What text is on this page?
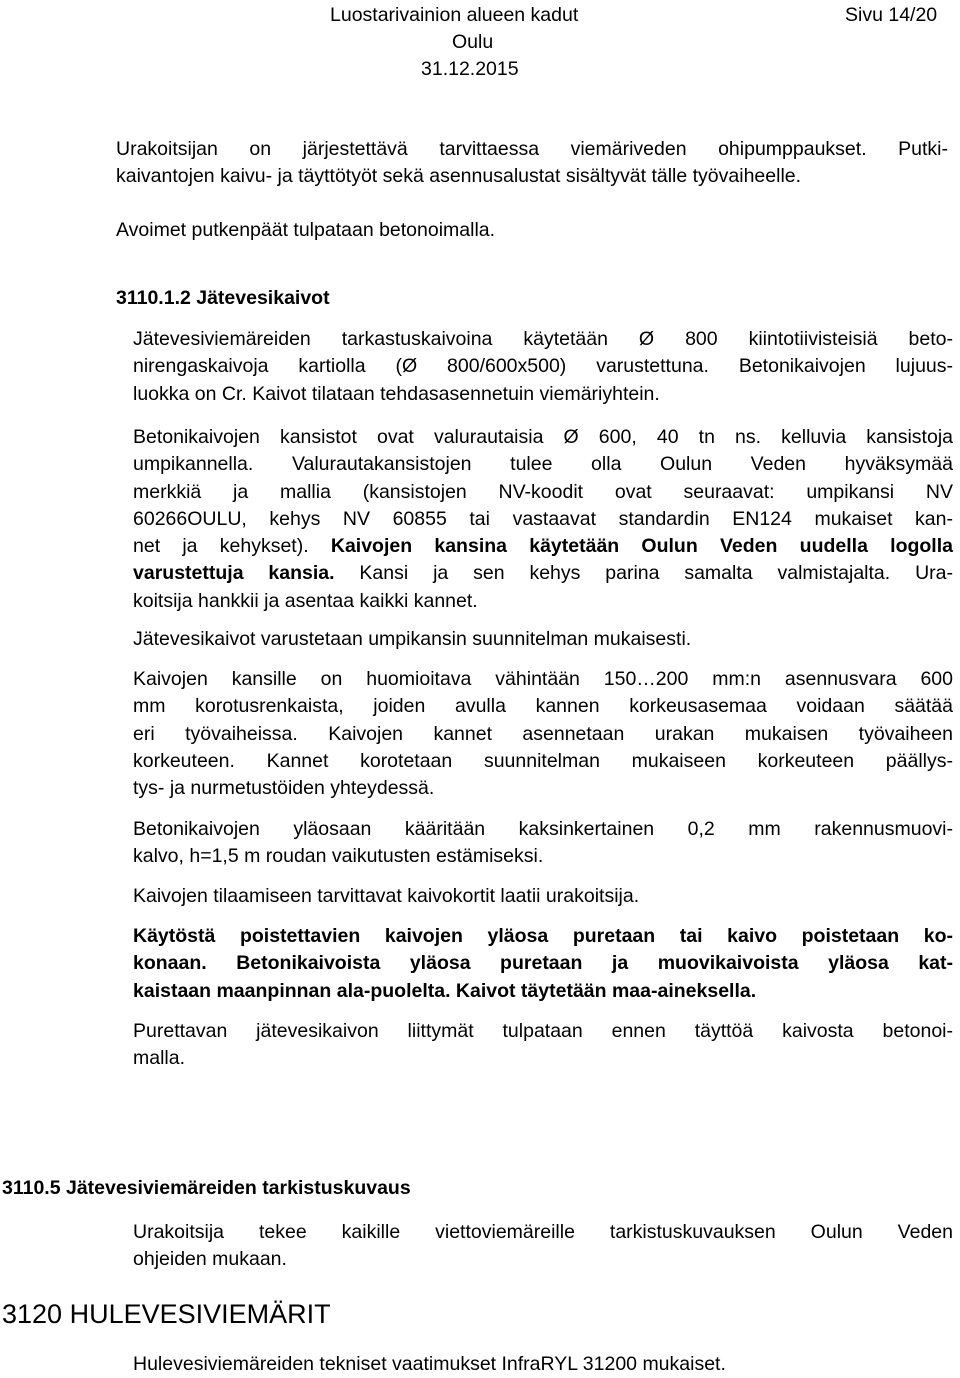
Luostarivainion alueen kadut	Sivu 14/20
Oulu
31.12.2015
Urakoitsijan on järjestettävä tarvittaessa viemäriveden ohipumppaukset. Putki-
kaivantojen kaivu- ja täyttötyöt sekä asennusalustat sisältyvät tälle työvaiheelle.
Avoimet putkenpäät tulpataan betonoimalla.
3110.1.2 Jätevesikaivot
Jätevesiviemäreiden tarkastuskaivoina käytetään Ø 800 kiintotiivisteisiä beto-
nirengaskaivoja kartiolla (Ø 800/600x500) varustettuna. Betonikaivojen lujuus-
luokka on Cr. Kaivot tilataan tehdasasennetuin viemäriyhtein.
Betonikaivojen kansistot ovat valurautaisia Ø 600, 40 tn ns. kelluvia kansistoja
umpikannella. Valurautakansistojen tulee olla Oulun Veden hyväksymää
merkkiä ja mallia (kansistojen NV-koodit ovat seuraavat: umpikansi NV
60266OULU, kehys NV 60855 tai vastaavat standardin EN124 mukaiset kan-
net ja kehykset). Kaivojen kansina käytetään Oulun Veden uudella logolla
varustettuja kansia. Kansi ja sen kehys parina samalta valmistajalta. Ura-
koitsija hankkii ja asentaa kaikki kannet.
Jätevesikaivot varustetaan umpikansin suunnitelman mukaisesti.
Kaivojen kansille on huomioitava vähintään 150…200 mm:n asennusvara 600
mm korotusrenkaista, joiden avulla kannen korkeusasemaa voidaan säätää
eri työvaiheissa. Kaivojen kannet asennetaan urakan mukaisen työvaiheen
korkeuteen. Kannet korotetaan suunnitelman mukaiseen korkeuteen päällys-
tys- ja nurmetustöiden yhteydessä.
Betonikaivojen yläosaan kääritään kaksinkertainen 0,2 mm rakennusmuovi-
kalvo, h=1,5 m roudan vaikutusten estämiseksi.
Kaivojen tilaamiseen tarvittavat kaivokortit laatii urakoitsija.
Käytöstä poistettavien kaivojen yläosa puretaan tai kaivo poistetaan ko-
konaan. Betonikaivoista yläosa puretaan ja muovikaivoista yläosa kat-
kaistaan maanpinnan ala-puolelta. Kaivot täytetään maa-aineksella.
Purettavan jätevesikaivon liittymät tulpataan ennen täyttöä kaivosta betonoi-
malla.
3110.5 Jätevesiviemäreiden tarkistuskuvaus
Urakoitsija tekee kaikille viettoviemäreille tarkistuskuvauksen Oulun Veden
ohjeiden mukaan.
3120 HULEVESIVIEMÄRIT
Hulevesiviemäreiden tekniset vaatimukset InfraRYL 31200 mukaiset.
